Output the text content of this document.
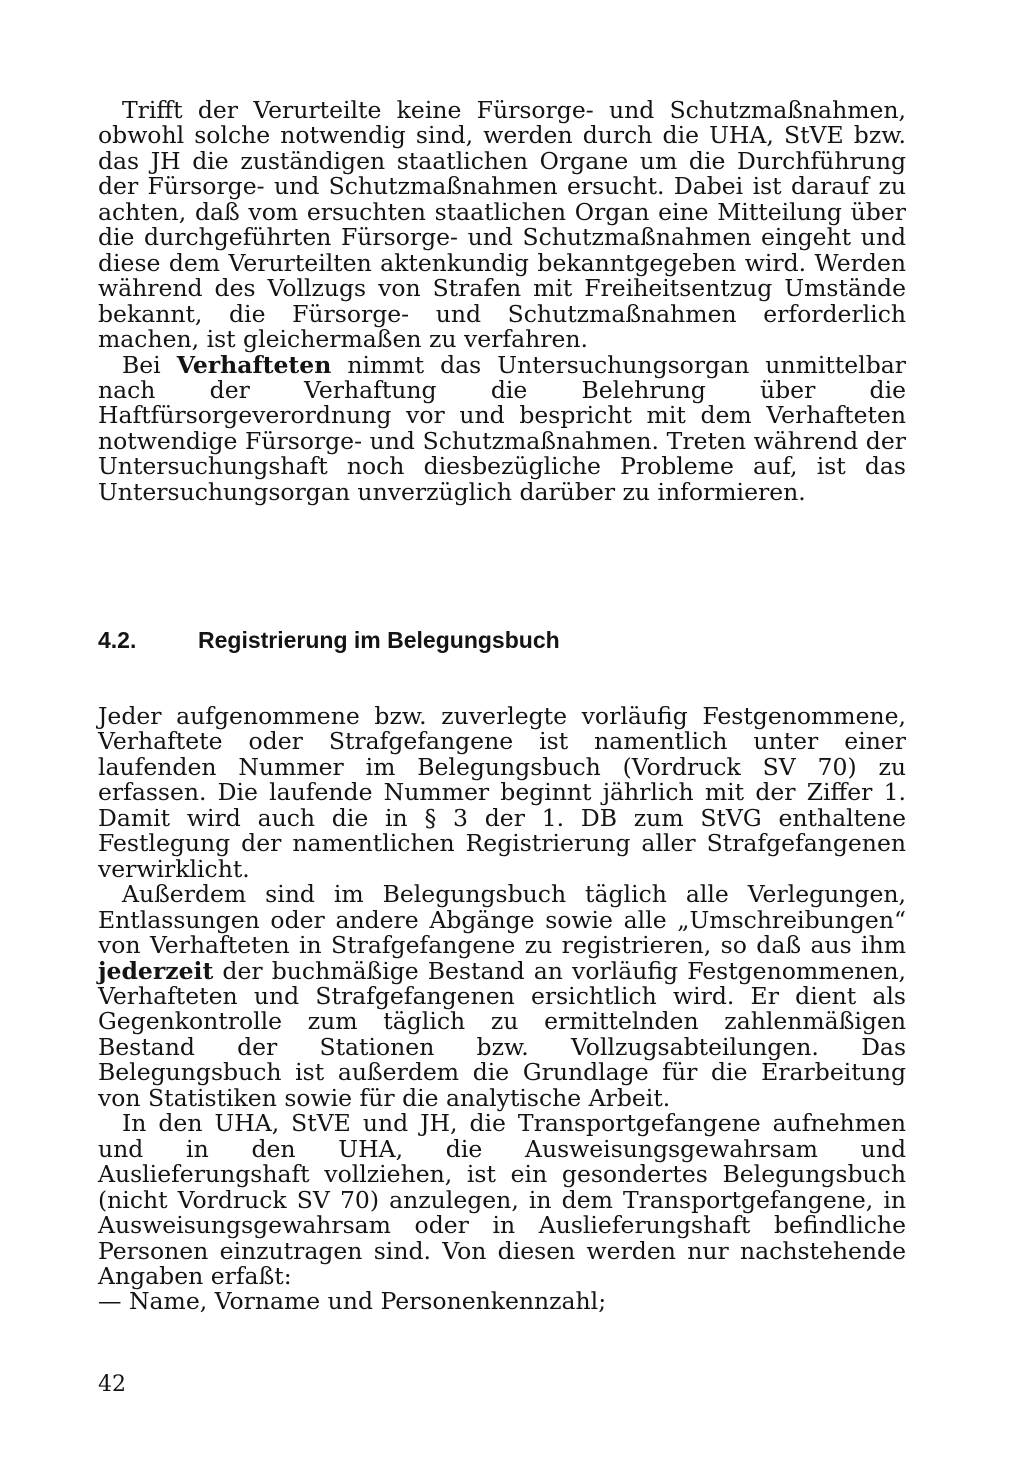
Trifft der Verurteilte keine Fürsorge- und Schutzmaßnahmen, obwohl solche notwendig sind, werden durch die UHA, StVE bzw. das JH die zuständigen staatlichen Organe um die Durchführung der Fürsorge- und Schutzmaßnahmen ersucht. Dabei ist darauf zu achten, daß vom ersuchten staatlichen Organ eine Mitteilung über die durchgeführten Fürsorge- und Schutzmaßnahmen eingeht und diese dem Verurteilten aktenkundig bekanntgegeben wird. Werden während des Vollzugs von Strafen mit Freiheitsentzug Umstände bekannt, die Fürsorge- und Schutzmaßnahmen erforderlich machen, ist gleichermaßen zu verfahren.

Bei Verhafteten nimmt das Untersuchungsorgan unmittelbar nach der Verhaftung die Belehrung über die Haftfürsorgeverordnung vor und bespricht mit dem Verhafteten notwendige Fürsorge- und Schutzmaßnahmen. Treten während der Untersuchungshaft noch diesbezügliche Probleme auf, ist das Untersuchungsorgan unverzüglich darüber zu informieren.

4.2.	Registrierung im Belegungsbuch

Jeder aufgenommene bzw. zuverlegte vorläufig Festgenommene, Verhaftete oder Strafgefangene ist namentlich unter einer laufenden Nummer im Belegungsbuch (Vordruck SV 70) zu erfassen. Die laufende Nummer beginnt jährlich mit der Ziffer 1. Damit wird auch die in § 3 der 1. DB zum StVG enthaltene Festlegung der namentlichen Registrierung aller Strafgefangenen verwirklicht.

Außerdem sind im Belegungsbuch täglich alle Verlegungen, Entlassungen oder andere Abgänge sowie alle „Umschreibungen“ von Verhafteten in Strafgefangene zu registrieren, so daß aus ihm jederzeit der buchmäßige Bestand an vorläufig Festgenommenen, Verhafteten und Strafgefangenen ersichtlich wird. Er dient als Gegenkontrolle zum täglich zu ermittelnden zahlenmäßigen Bestand der Stationen bzw. Vollzugsabteilungen. Das Belegungsbuch ist außerdem die Grundlage für die Erarbeitung von Statistiken sowie für die analytische Arbeit.

In den UHA, StVE und JH, die Transportgefangene aufnehmen und in den UHA, die Ausweisungsgewahrsam und Auslieferungshaft vollziehen, ist ein gesondertes Belegungsbuch (nicht Vordruck SV 70) anzulegen, in dem Transportgefangene, in Ausweisungsgewahrsam oder in Auslieferungshaft befindliche Personen einzutragen sind. Von diesen werden nur nachstehende Angaben erfaßt:

— Name, Vorname und Personenkennzahl;

42
